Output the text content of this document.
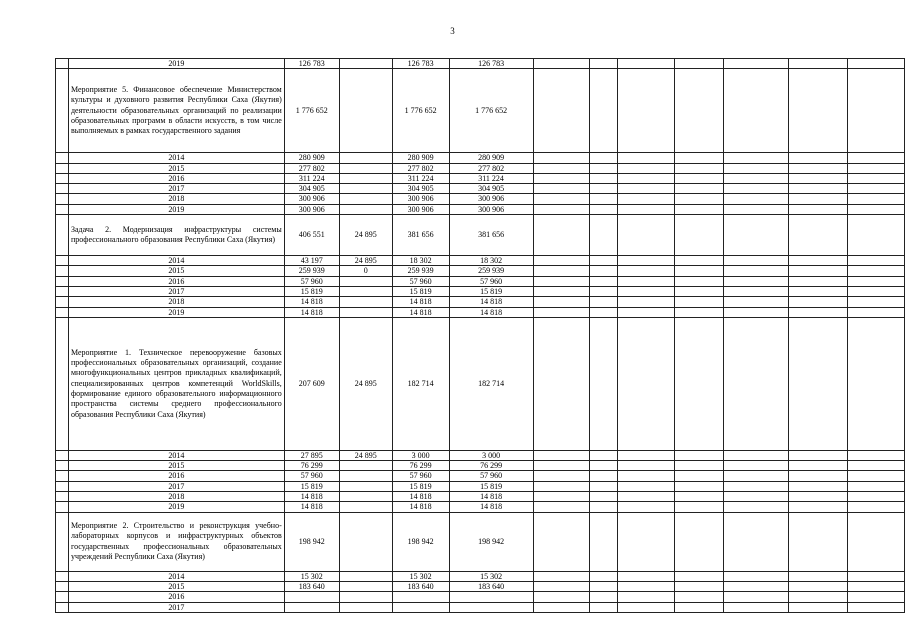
3
	2019	126 783		126 783	126 783							
	Мероприятие 5. Финансовое обеспечение Министерством культуры и духовного развития Республики Саха (Якутия) деятельности образовательных организаций по реализации образовательных программ в области искусств, в том числе выполняемых в рамках государственного задания	1 776 652		1 776 652	1 776 652							
	2014	280 909		280 909	280 909							
	2015	277 802		277 802	277 802							
	2016	311 224		311 224	311 224							
	2017	304 905		304 905	304 905							
	2018	300 906		300 906	300 906							
	2019	300 906		300 906	300 906							
	Задача 2. Модернизация инфраструктуры системы профессионального образования Республики Саха (Якутия)	406 551	24 895	381 656	381 656							
	2014	43 197	24 895	18 302	18 302							
	2015	259 939	0	259 939	259 939							
	2016	57 960		57 960	57 960							
	2017	15 819		15 819	15 819							
	2018	14 818		14 818	14 818							
	2019	14 818		14 818	14 818							
	Мероприятие 1. Техническое перевооружение базовых профессиональных образовательных организаций, создание многофункциональных центров прикладных квалификаций, специализированных центров компетенций WorldSkills, формирование единого образовательного информационного пространства системы среднего профессионального образования Республики Саха (Якутия)	207 609	24 895	182 714	182 714							
	2014	27 895	24 895	3 000	3 000							
	2015	76 299		76 299	76 299							
	2016	57 960		57 960	57 960							
	2017	15 819		15 819	15 819							
	2018	14 818		14 818	14 818							
	2019	14 818		14 818	14 818							
	Мероприятие 2. Строительство и реконструкция учебно-лабораторных корпусов и инфраструктурных объектов государственных профессиональных образовательных учреждений Республики Саха (Якутия)	198 942		198 942	198 942							
	2014	15 302		15 302	15 302							
	2015	183 640		183 640	183 640							
	2016											
	2017											
